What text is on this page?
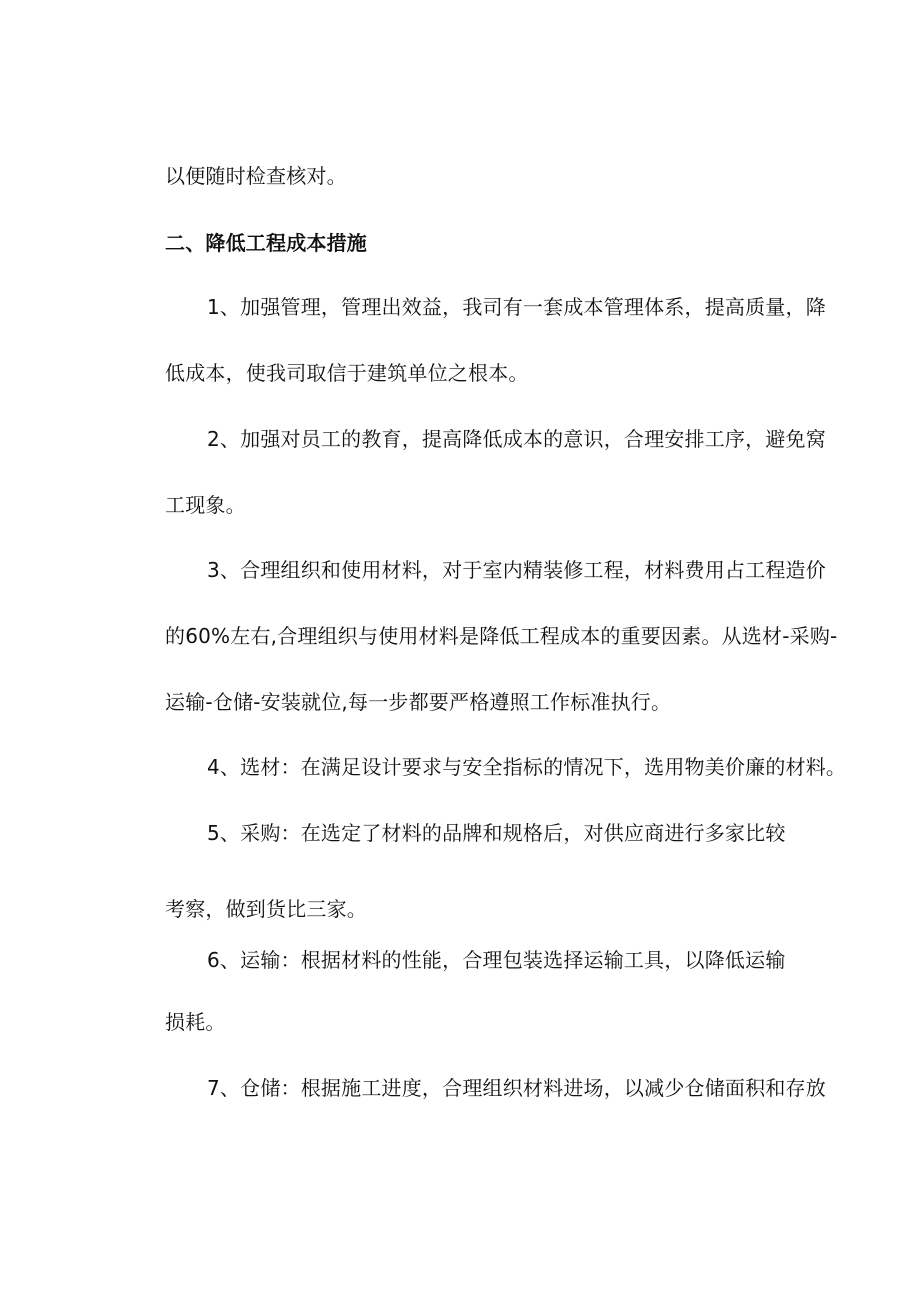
以便随时检查核对。
二、降低工程成本措施
1、加强管理，管理出效益，我司有一套成本管理体系，提高质量，降
低成本，使我司取信于建筑单位之根本。
2、加强对员工的教育，提高降低成本的意识，合理安排工序，避免窝
工现象。
3、合理组织和使用材料，对于室内精装修工程，材料费用占工程造价
的60%左右,合理组织与使用材料是降低工程成本的重要因素。从选材-采购-
运输-仓储-安装就位,每一步都要严格遵照工作标准执行。
4、选材：在满足设计要求与安全指标的情况下，选用物美价廉的材料。
5、采购：在选定了材料的品牌和规格后，对供应商进行多家比较
考察，做到货比三家。
6、运输：根据材料的性能，合理包装选择运输工具，以降低运输
损耗。
7、仓储：根据施工进度，合理组织材料进场，以减少仓储面积和存放
